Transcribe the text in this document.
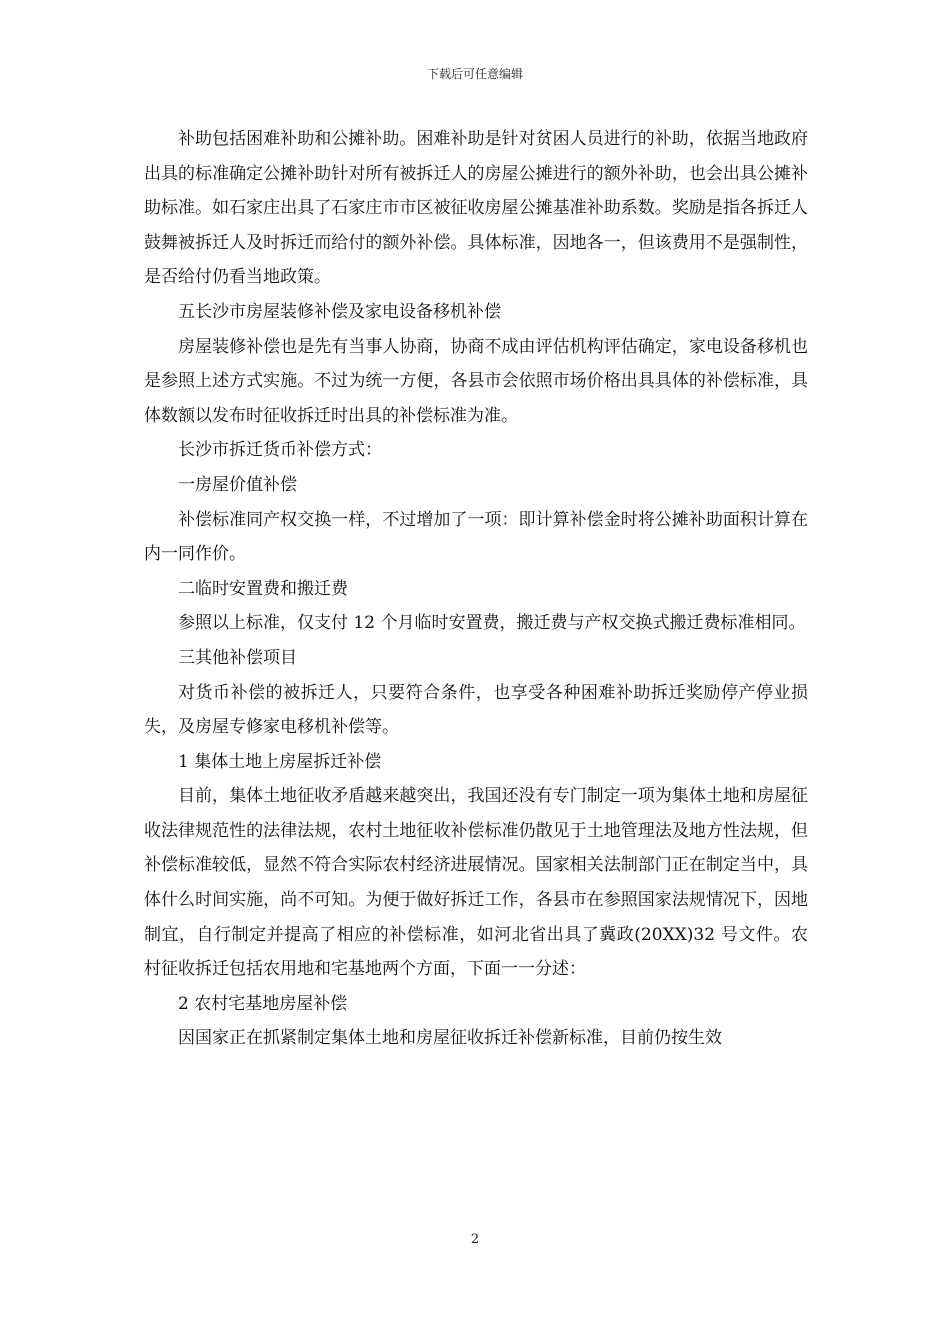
下载后可任意编辑

补助包括困难补助和公摊补助。困难补助是针对贫困人员进行的补助，依据当地政府出具的标准确定公摊补助针对所有被拆迁人的房屋公摊进行的额外补助，也会出具公摊补助标准。如石家庄出具了石家庄市市区被征收房屋公摊基准补助系数。奖励是指各拆迁人鼓舞被拆迁人及时拆迁而给付的额外补偿。具体标准，因地各一，但该费用不是强制性，是否给付仍看当地政策。

五长沙市房屋装修补偿及家电设备移机补偿

房屋装修补偿也是先有当事人协商，协商不成由评估机构评估确定，家电设备移机也是参照上述方式实施。不过为统一方便，各县市会依照市场价格出具具体的补偿标准，具体数额以发布时征收拆迁时出具的补偿标准为准。

长沙市拆迁货币补偿方式：

一房屋价值补偿

补偿标准同产权交换一样，不过增加了一项：即计算补偿金时将公摊补助面积计算在内一同作价。

二临时安置费和搬迁费

参照以上标准，仅支付 12 个月临时安置费，搬迁费与产权交换式搬迁费标准相同。

三其他补偿项目

对货币补偿的被拆迁人，只要符合条件，也享受各种困难补助拆迁奖励停产停业损失，及房屋专修家电移机补偿等。

1 集体土地上房屋拆迁补偿

目前，集体土地征收矛盾越来越突出，我国还没有专门制定一项为集体土地和房屋征收法律规范性的法律法规，农村土地征收补偿标准仍散见于土地管理法及地方性法规，但补偿标准较低，显然不符合实际农村经济进展情况。国家相关法制部门正在制定当中，具体什么时间实施，尚不可知。为便于做好拆迁工作，各县市在参照国家法规情况下，因地制宜，自行制定并提高了相应的补偿标准，如河北省出具了冀政(20XX)32 号文件。农村征收拆迁包括农用地和宅基地两个方面，下面一一分述：

2 农村宅基地房屋补偿

因国家正在抓紧制定集体土地和房屋征收拆迁补偿新标准，目前仍按生效

2
